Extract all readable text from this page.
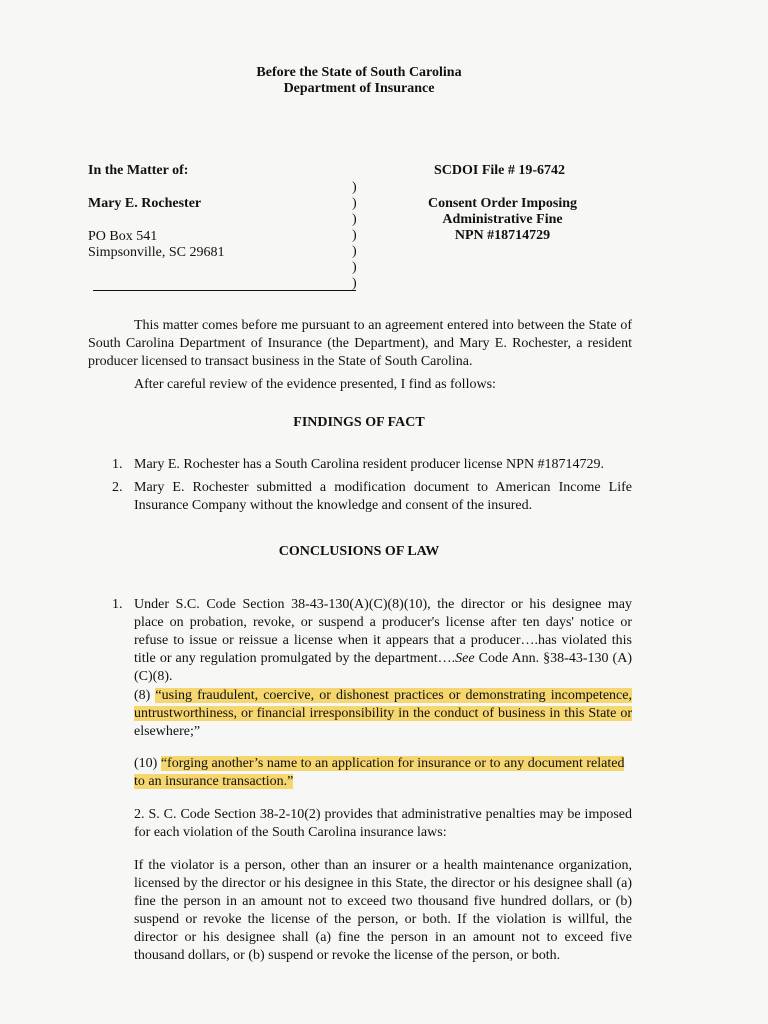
Before the State of South Carolina
Department of Insurance
In the Matter of:
Mary E. Rochester
PO Box 541
Simpsonville, SC 29681
)
)
)
)
)
)
)
SCDOI File # 19-6742
Consent Order Imposing
Administrative Fine
NPN #18714729
This matter comes before me pursuant to an agreement entered into between the State of South Carolina Department of Insurance (the Department), and Mary E. Rochester, a resident producer licensed to transact business in the State of South Carolina.
After careful review of the evidence presented, I find as follows:
FINDINGS OF FACT
1. Mary E. Rochester has a South Carolina resident producer license NPN #18714729.
2. Mary E. Rochester submitted a modification document to American Income Life Insurance Company without the knowledge and consent of the insured.
CONCLUSIONS OF LAW
1. Under S.C. Code Section 38-43-130(A)(C)(8)(10), the director or his designee may place on probation, revoke, or suspend a producer's license after ten days' notice or refuse to issue or reissue a license when it appears that a producer….has violated this title or any regulation promulgated by the department….See Code Ann. §38-43-130 (A)(C)(8).
(8) “using fraudulent, coercive, or dishonest practices or demonstrating incompetence, untrustworthiness, or financial irresponsibility in the conduct of business in this State or elsewhere;”
(10) “forging another’s name to an application for insurance or to any document related to an insurance transaction.”
2. S. C. Code Section 38-2-10(2) provides that administrative penalties may be imposed for each violation of the South Carolina insurance laws:
If the violator is a person, other than an insurer or a health maintenance organization, licensed by the director or his designee in this State, the director or his designee shall (a) fine the person in an amount not to exceed two thousand five hundred dollars, or (b) suspend or revoke the license of the person, or both. If the violation is willful, the director or his designee shall (a) fine the person in an amount not to exceed five thousand dollars, or (b) suspend or revoke the license of the person, or both.
